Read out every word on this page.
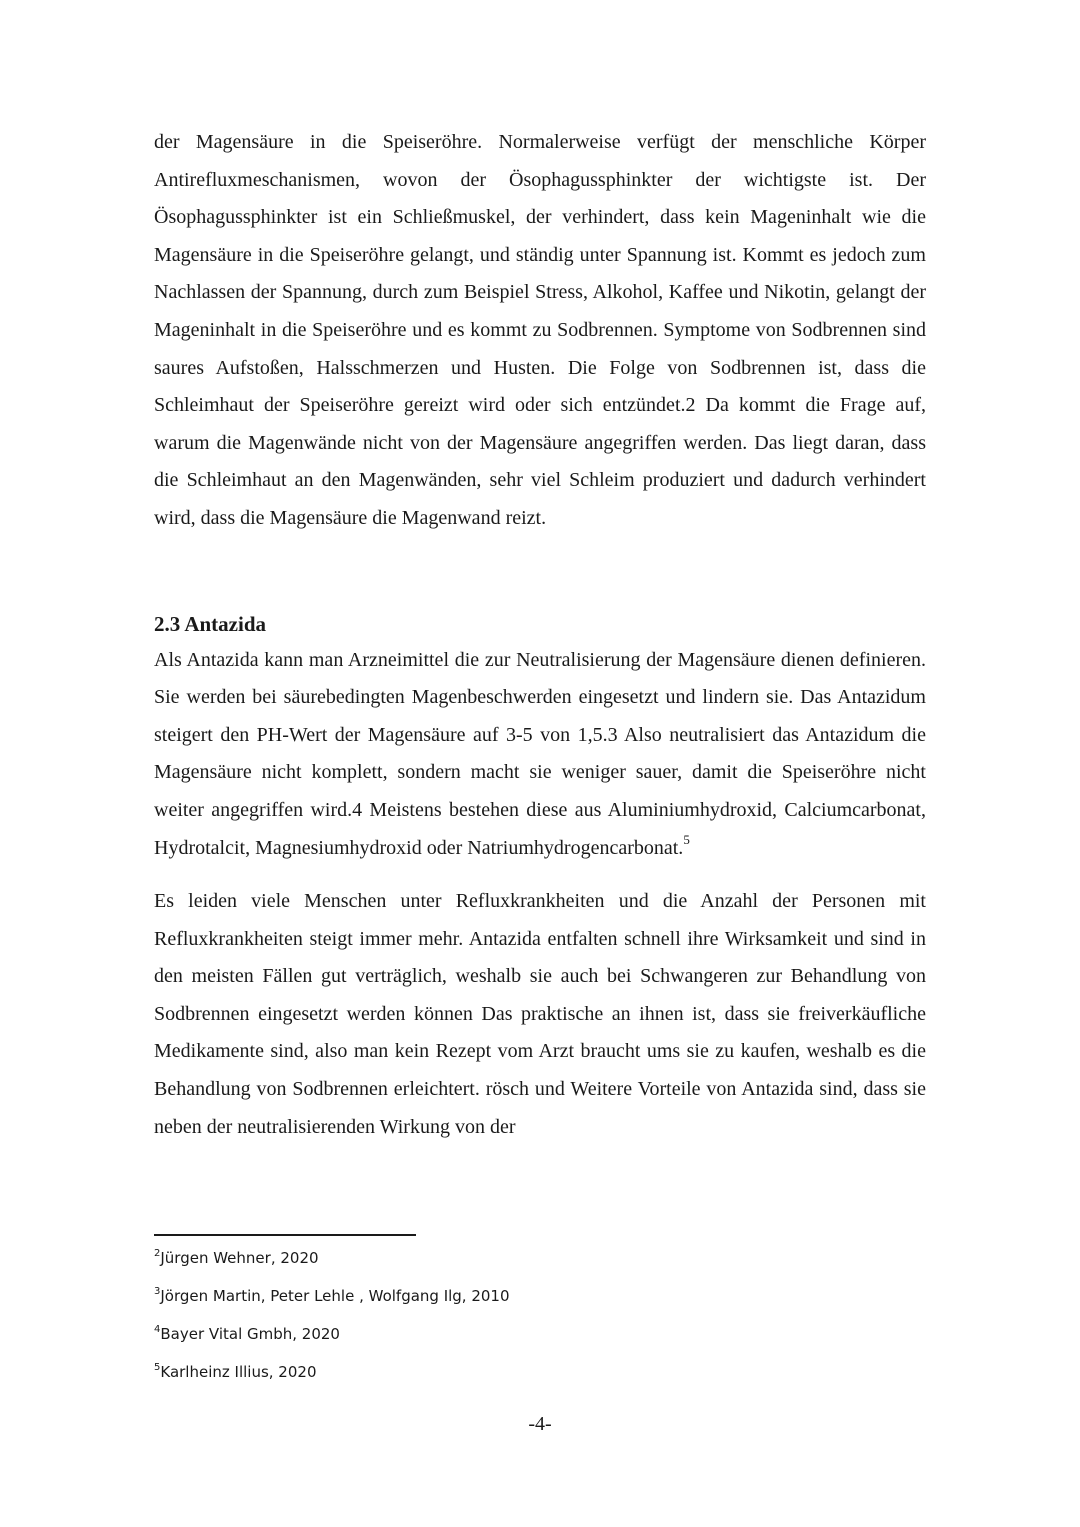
der Magensäure in die Speiseröhre. Normalerweise verfügt der menschliche Körper Antirefluxmeschanismen, wovon der Ösophagussphinkter der wichtigste ist. Der Ösophagussphinkter ist ein Schließmuskel, der verhindert, dass kein Mageninhalt wie die Magensäure in die Speiseröhre gelangt, und ständig unter Spannung ist. Kommt es jedoch zum Nachlassen der Spannung, durch zum Beispiel Stress, Alkohol, Kaffee und Nikotin, gelangt der Mageninhalt in die Speiseröhre und es kommt zu Sodbrennen. Symptome von Sodbrennen sind saures Aufstoßen, Halsschmerzen und Husten. Die Folge von Sodbrennen ist, dass die Schleimhaut der Speiseröhre gereizt wird oder sich entzündet.2 Da kommt die Frage auf, warum die Magenwände nicht von der Magensäure angegriffen werden. Das liegt daran, dass die Schleimhaut an den Magenwänden, sehr viel Schleim produziert und dadurch verhindert wird, dass die Magensäure die Magenwand reizt.

2.3 Antazida

Als Antazida kann man Arzneimittel die zur Neutralisierung der Magensäure dienen definieren. Sie werden bei säurebedingten Magenbeschwerden eingesetzt und lindern sie. Das Antazidum steigert den PH-Wert der Magensäure auf 3-5 von 1,5.3 Also neutralisiert das Antazidum die Magensäure nicht komplett, sondern macht sie weniger sauer, damit die Speiseröhre nicht weiter angegriffen wird.4 Meistens bestehen diese aus Aluminiumhydroxid, Calciumcarbonat, Hydrotalcit, Magnesiumhydroxid oder Natriumhydrogencarbonat.$^5$

Es leiden viele Menschen unter Refluxkrankheiten und die Anzahl der Personen mit Refluxkrankheiten steigt immer mehr. Antazida entfalten schnell ihre Wirksamkeit und sind in den meisten Fällen gut verträglich, weshalb sie auch bei Schwangeren zur Behandlung von Sodbrennen eingesetzt werden können Das praktische an ihnen ist, dass sie freiverkäufliche Medikamente sind, also man kein Rezept vom Arzt braucht ums sie zu kaufen, weshalb es die Behandlung von Sodbrennen erleichtert. rösch und Weitere Vorteile von Antazida sind, dass sie neben der neutralisierenden Wirkung von der

$^2$Jürgen Wehner, 2020
$^3$Jörgen Martin, Peter Lehle , Wolfgang Ilg, 2010
$^4$Bayer Vital Gmbh, 2020
$^5$Karlheinz Illius, 2020
-4-
